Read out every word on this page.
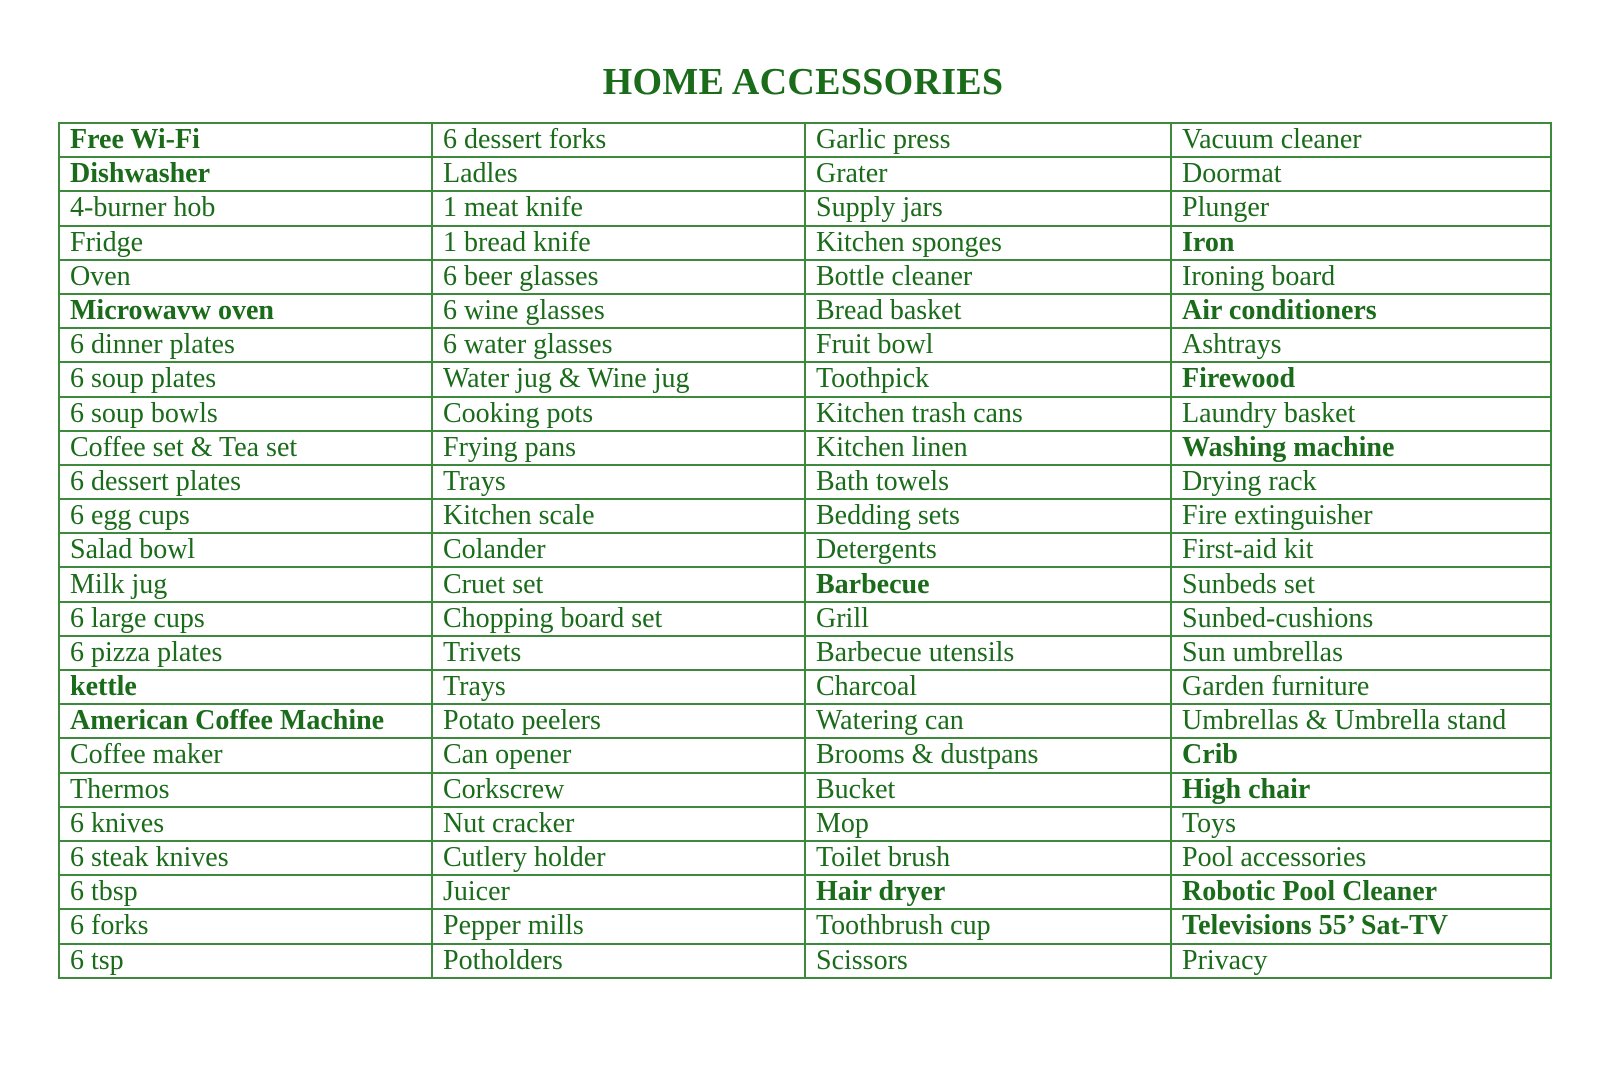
HOME ACCESSORIES
Free Wi-Fi	6 dessert forks	Garlic press	Vacuum cleaner
Dishwasher	Ladles	Grater	Doormat
4-burner hob	1 meat knife	Supply jars	Plunger
Fridge	1 bread knife	Kitchen sponges	Iron
Oven	6 beer glasses	Bottle cleaner	Ironing board
Microwavw oven	6 wine glasses	Bread basket	Air conditioners
6 dinner plates	6 water glasses	Fruit bowl	Ashtrays
6 soup plates	Water jug & Wine jug	Toothpick	Firewood
6 soup bowls	Cooking pots	Kitchen trash cans	Laundry basket
Coffee set & Tea set	Frying pans	Kitchen linen	Washing machine
6 dessert plates	Trays	Bath towels	Drying rack
6 egg cups	Kitchen scale	Bedding sets	Fire extinguisher
Salad bowl	Colander	Detergents	First-aid kit
Milk jug	Cruet set	Barbecue	Sunbeds set
6 large cups	Chopping board set	Grill	Sunbed-cushions
6 pizza plates	Trivets	Barbecue utensils	Sun umbrellas
kettle	Trays	Charcoal	Garden furniture
American Coffee Machine	Potato peelers	Watering can	Umbrellas & Umbrella stand
Coffee maker	Can opener	Brooms & dustpans	Crib
Thermos	Corkscrew	Bucket	High chair
6 knives	Nut cracker	Mop	Toys
6 steak knives	Cutlery holder	Toilet brush	Pool accessories
6 tbsp	Juicer	Hair dryer	Robotic Pool Cleaner
6 forks	Pepper mills	Toothbrush cup	Televisions 55’ Sat-TV
6 tsp	Potholders	Scissors	Privacy
